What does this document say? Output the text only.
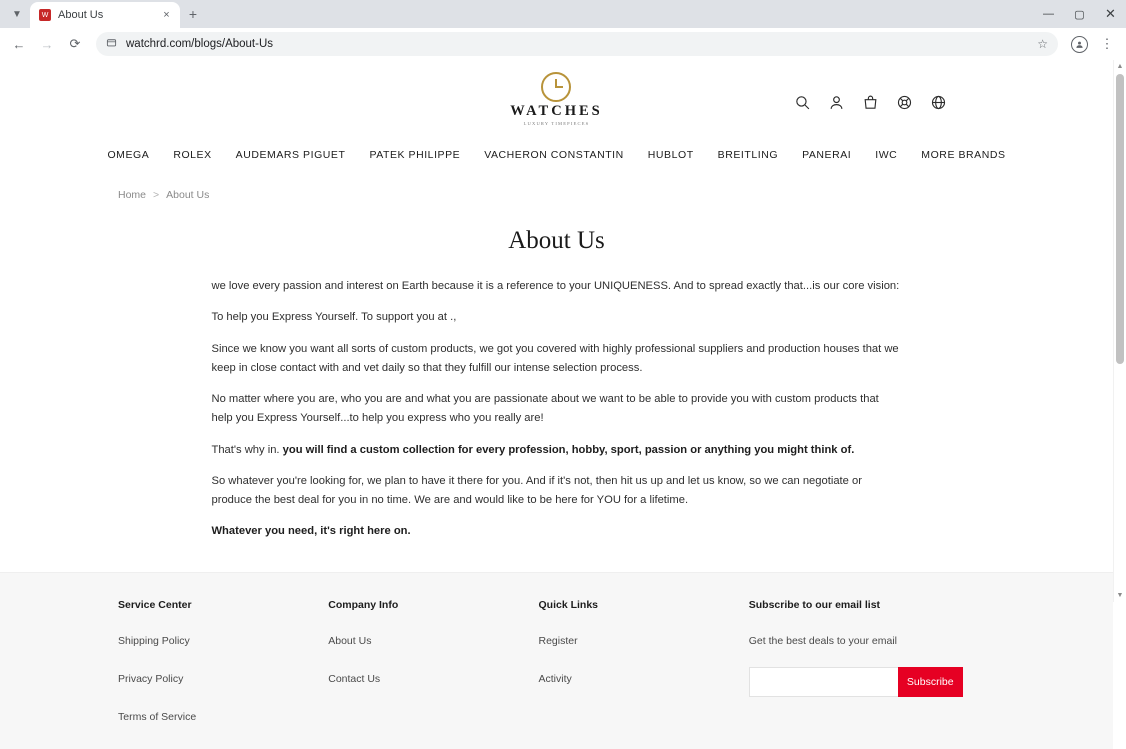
▼	W About Us	×	+	—	▢	✕
←	→	⟳	watchrd.com/blogs/About-Us	☆	⋮
WATCHES
LUXURY TIMEPIECES
OMEGA ROLEX AUDEMARS PIGUET PATEK PHILIPPE VACHERON CONSTANTIN HUBLOT BREITLING PANERAI IWC MORE BRANDS
Home > About Us
About Us

we love every passion and interest on Earth because it is a reference to your UNIQUENESS. And to spread exactly that...is our core vision:

To help you Express Yourself. To support you at .,

Since we know you want all sorts of custom products, we got you covered with highly professional suppliers and production houses that we keep in close contact with and vet daily so that they fulfill our intense selection process.

No matter where you are, who you are and what you are passionate about we want to be able to provide you with custom products that help you Express Yourself...to help you express who you really are!

That's why in. you will find a custom collection for every profession, hobby, sport, passion or anything you might think of.

So whatever you're looking for, we plan to have it there for you. And if it's not, then hit us up and let us know, so we can negotiate or produce the best deal for you in no time. We are and would like to be here for YOU for a lifetime.

Whatever you need, it's right here on.

Service Center
Shipping Policy
Privacy Policy
Terms of Service
Company Info
About Us
Contact Us
Quick Links
Register
Activity
Subscribe to our email list
Get the best deals to your email
Subscribe
▲
▼
